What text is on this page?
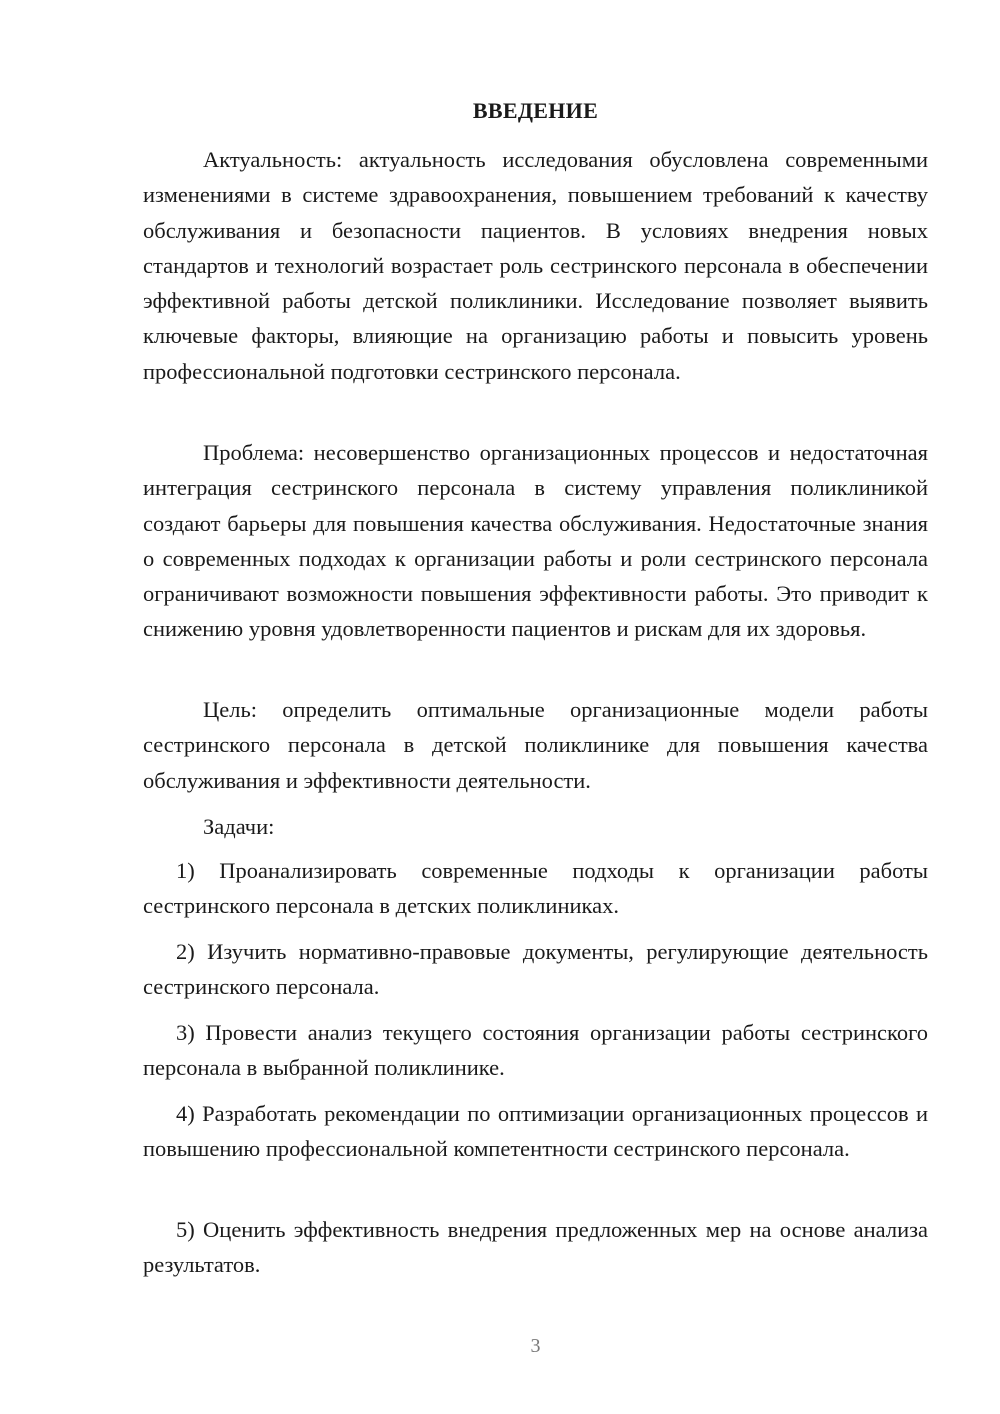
ВВЕДЕНИЕ

Актуальность: актуальность исследования обусловлена современными изменениями в системе здравоохранения, повышением требований к качеству обслуживания и безопасности пациентов. В условиях внедрения новых стандартов и технологий возрастает роль сестринского персонала в обеспечении эффективной работы детской поликлиники. Исследование позволяет выявить ключевые факторы, влияющие на организацию работы и повысить уровень профессиональной подготовки сестринского персонала.

Проблема: несовершенство организационных процессов и недостаточная интеграция сестринского персонала в систему управления поликлиникой создают барьеры для повышения качества обслуживания. Недостаточные знания о современных подходах к организации работы и роли сестринского персонала ограничивают возможности повышения эффективности работы. Это приводит к снижению уровня удовлетворенности пациентов и рискам для их здоровья.

Цель: определить оптимальные организационные модели работы сестринского персонала в детской поликлинике для повышения качества обслуживания и эффективности деятельности.

Задачи:

1) Проанализировать современные подходы к организации работы сестринского персонала в детских поликлиниках.

2) Изучить нормативно-правовые документы, регулирующие деятельность сестринского персонала.

3) Провести анализ текущего состояния организации работы сестринского персонала в выбранной поликлинике.

4) Разработать рекомендации по оптимизации организационных процессов и повышению профессиональной компетентности сестринского персонала.

5) Оценить эффективность внедрения предложенных мер на основе анализа результатов.

3
